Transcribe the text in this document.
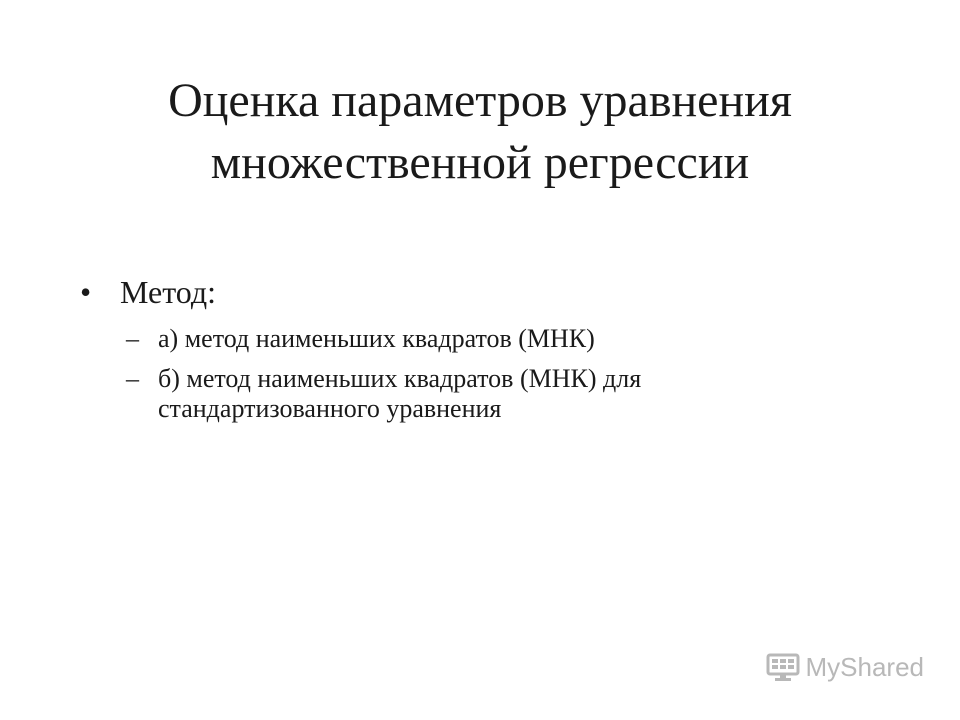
Оценка параметров уравнения
множественной регрессии
• Метод:
– а) метод наименьших квадратов (МНК)
– б) метод наименьших квадратов (МНК) для стандартизованного уравнения
MyShared
